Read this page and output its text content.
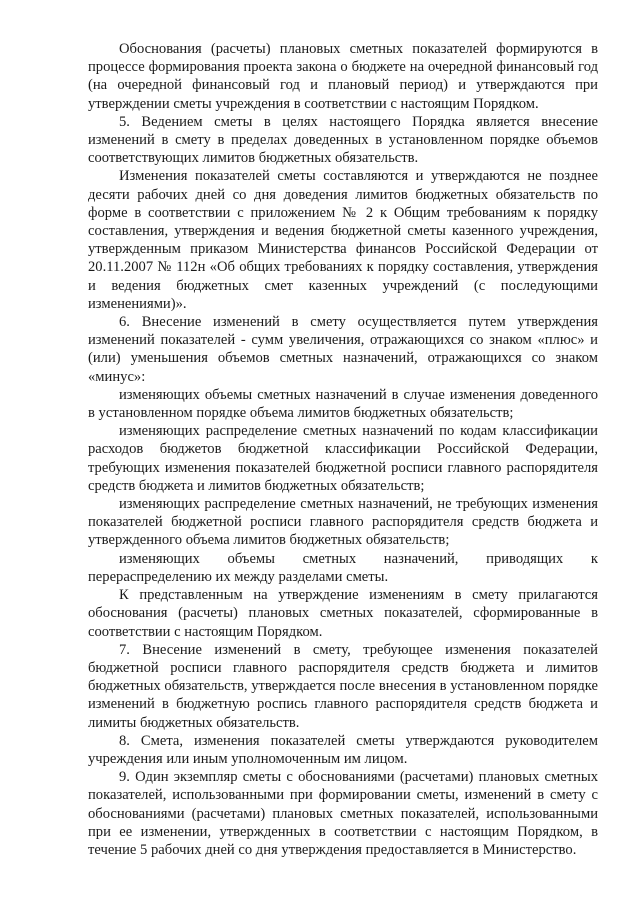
Обоснования (расчеты) плановых сметных показателей формируются в процессе формирования проекта закона о бюджете на очередной финансовый год (на очередной финансовый год и плановый период) и утверждаются при утверждении сметы учреждения в соответствии с настоящим Порядком.

5. Ведением сметы в целях настоящего Порядка является внесение изменений в смету в пределах доведенных в установленном порядке объемов соответствующих лимитов бюджетных обязательств.

Изменения показателей сметы составляются и утверждаются не позднее десяти рабочих дней со дня доведения лимитов бюджетных обязательств по форме в соответствии с приложением № 2 к Общим требованиям к порядку составления, утверждения и ведения бюджетной сметы казенного учреждения, утвержденным приказом Министерства финансов Российской Федерации от 20.11.2007 № 112н «Об общих требованиях к порядку составления, утверждения и ведения бюджетных смет казенных учреждений (с последующими изменениями)».

6. Внесение изменений в смету осуществляется путем утверждения изменений показателей - сумм увеличения, отражающихся со знаком «плюс» и (или) уменьшения объемов сметных назначений, отражающихся со знаком «минус»:

изменяющих объемы сметных назначений в случае изменения доведенного в установленном порядке объема лимитов бюджетных обязательств;

изменяющих распределение сметных назначений по кодам классификации расходов бюджетов бюджетной классификации Российской Федерации, требующих изменения показателей бюджетной росписи главного распорядителя средств бюджета и лимитов бюджетных обязательств;

изменяющих распределение сметных назначений, не требующих изменения показателей бюджетной росписи главного распорядителя средств бюджета и утвержденного объема лимитов бюджетных обязательств;

изменяющих объемы сметных назначений, приводящих к перераспределению их между разделами сметы.

К представленным на утверждение изменениям в смету прилагаются обоснования (расчеты) плановых сметных показателей, сформированные в соответствии с настоящим Порядком.

7. Внесение изменений в смету, требующее изменения показателей бюджетной росписи главного распорядителя средств бюджета и лимитов бюджетных обязательств, утверждается после внесения в установленном порядке изменений в бюджетную роспись главного распорядителя средств бюджета и лимиты бюджетных обязательств.

8. Смета, изменения показателей сметы утверждаются руководителем учреждения или иным уполномоченным им лицом.

9. Один экземпляр сметы с обоснованиями (расчетами) плановых сметных показателей, использованными при формировании сметы, изменений в смету с обоснованиями (расчетами) плановых сметных показателей, использованными при ее изменении, утвержденных в соответствии с настоящим Порядком, в течение 5 рабочих дней со дня утверждения предоставляется в Министерство.
